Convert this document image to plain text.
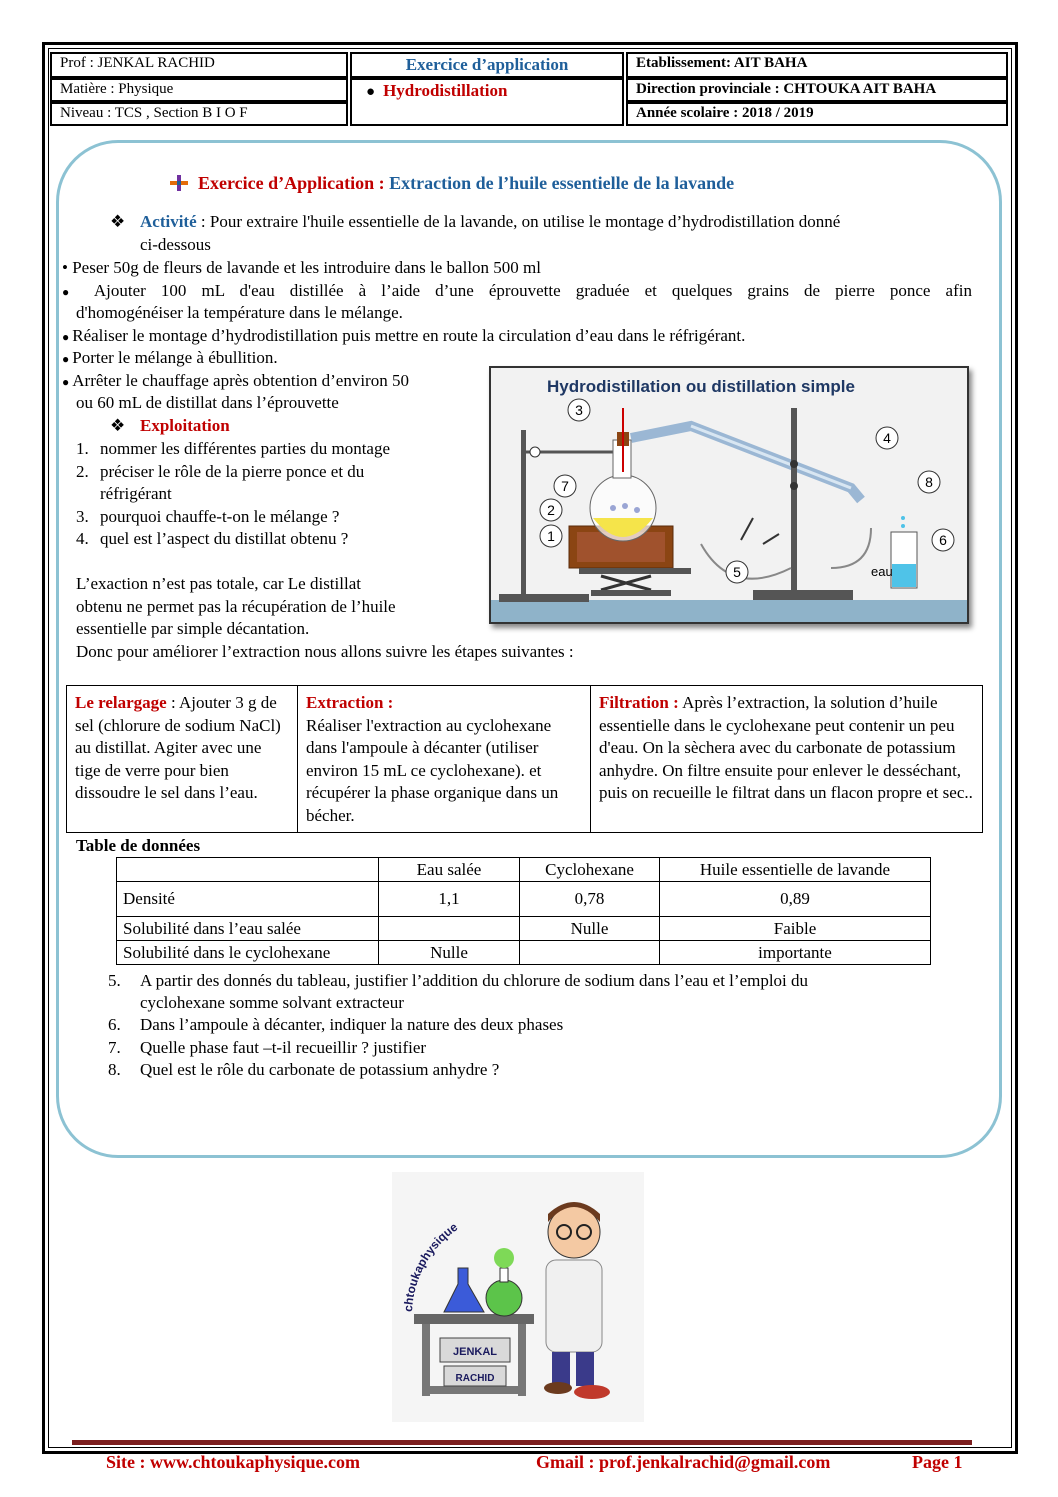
Prof : JENKAL RACHID
Matière : Physique
Niveau : TCS , Section B I O F
Exercice d’application
● Hydrodistillation
Etablissement: AIT BAHA
Direction provinciale : CHTOUKA AIT BAHA
Année scolaire : 2018 / 2019
Exercice d’Application : Extraction de l’huile essentielle de la lavande
❖ Activité : Pour extraire l'huile essentielle de la lavande, on utilise le montage d’hydrodistillation donné
ci-dessous
• Peser 50g de fleurs de lavande et les introduire dans le ballon 500 ml
● Ajouter 100 mL d'eau distillée à l’aide d’une éprouvette graduée et quelques grains de pierre ponce afin
d'homogénéiser la température dans le mélange.
● Réaliser le montage d’hydrodistillation puis mettre en route la circulation d’eau dans le réfrigérant.
● Porter le mélange à ébullition.
● Arrêter le chauffage après obtention d’environ 50
ou 60 mL de distillat dans l’éprouvette
❖ Exploitation
1. nommer les différentes parties du montage
2. préciser le rôle de la pierre ponce et du
réfrigérant
3. pourquoi chauffe-t-on le mélange ?
4. quel est l’aspect du distillat obtenu ?
L’exaction n’est pas totale, car Le distillat
obtenu ne permet pas la récupération de l’huile
essentielle par simple décantation.
Donc pour améliorer l’extraction nous allons suivre les étapes suivantes :
Hydrodistillation ou distillation simple
eau
1
2
3
4
5
6
7	8
Le relargage : Ajouter 3 g de sel (chlorure de sodium NaCl) au distillat. Agiter avec une tige de verre pour bien dissoudre le sel dans l’eau.
Extraction :
Réaliser l'extraction au cyclohexane dans l'ampoule à décanter (utiliser environ 15 mL ce cyclohexane). et récupérer la phase organique dans un bécher.
Filtration : Après l’extraction, la solution d’huile essentielle dans le cyclohexane peut contenir un peu d'eau. On la sèchera avec du carbonate de potassium anhydre. On filtre ensuite pour enlever le desséchant, puis on recueille le filtrat dans un flacon propre et sec..
Table de données
	Eau salée	Cyclohexane	Huile essentielle de lavande
Densité	1,1	0,78	0,89
Solubilité dans l’eau salée		Nulle	Faible
Solubilité dans le cyclohexane	Nulle		importante
5. A partir des donnés du tableau, justifier l’addition du chlorure de sodium dans l’eau et l’emploi du
cyclohexane somme solvant extracteur
6. Dans l’ampoule à décanter, indiquer la nature des deux phases
7. Quelle phase faut –t-il recueillir ? justifier
8. Quel est le rôle du carbonate de potassium anhydre ?
chtoukaphysique
JENKAL
RACHID
Site : www.chtoukaphysique.com	Gmail : prof.jenkalrachid@gmail.com	Page 1
